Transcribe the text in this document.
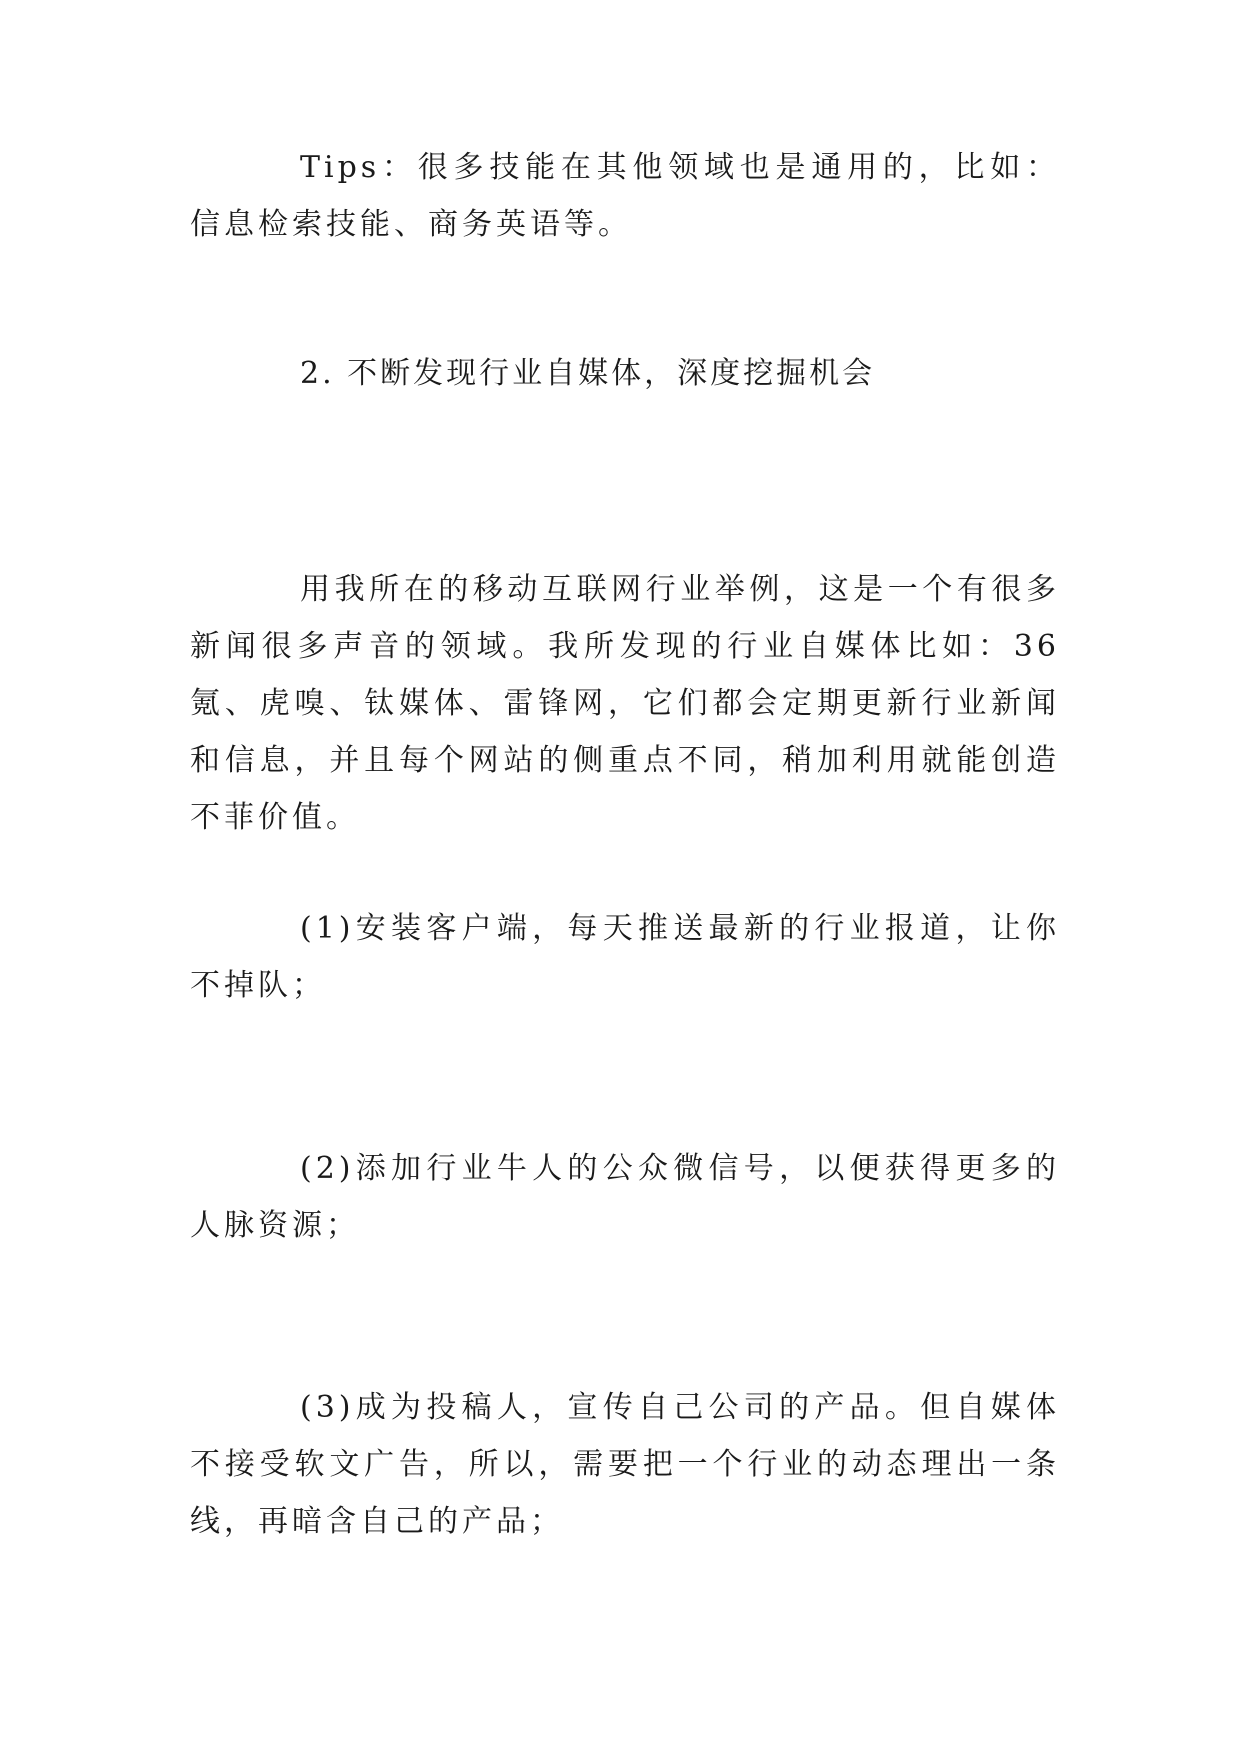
Tips：很多技能在其他领域也是通用的，比如：信息检索技能、商务英语等。

2. 不断发现行业自媒体，深度挖掘机会

用我所在的移动互联网行业举例，这是一个有很多新闻很多声音的领域。我所发现的行业自媒体比如：36氪、虎嗅、钛媒体、雷锋网，它们都会定期更新行业新闻和信息，并且每个网站的侧重点不同，稍加利用就能创造不菲价值。

(1)安装客户端，每天推送最新的行业报道，让你不掉队；

(2)添加行业牛人的公众微信号，以便获得更多的人脉资源；

(3)成为投稿人，宣传自己公司的产品。但自媒体不接受软文广告，所以，需要把一个行业的动态理出一条线，再暗含自己的产品；
